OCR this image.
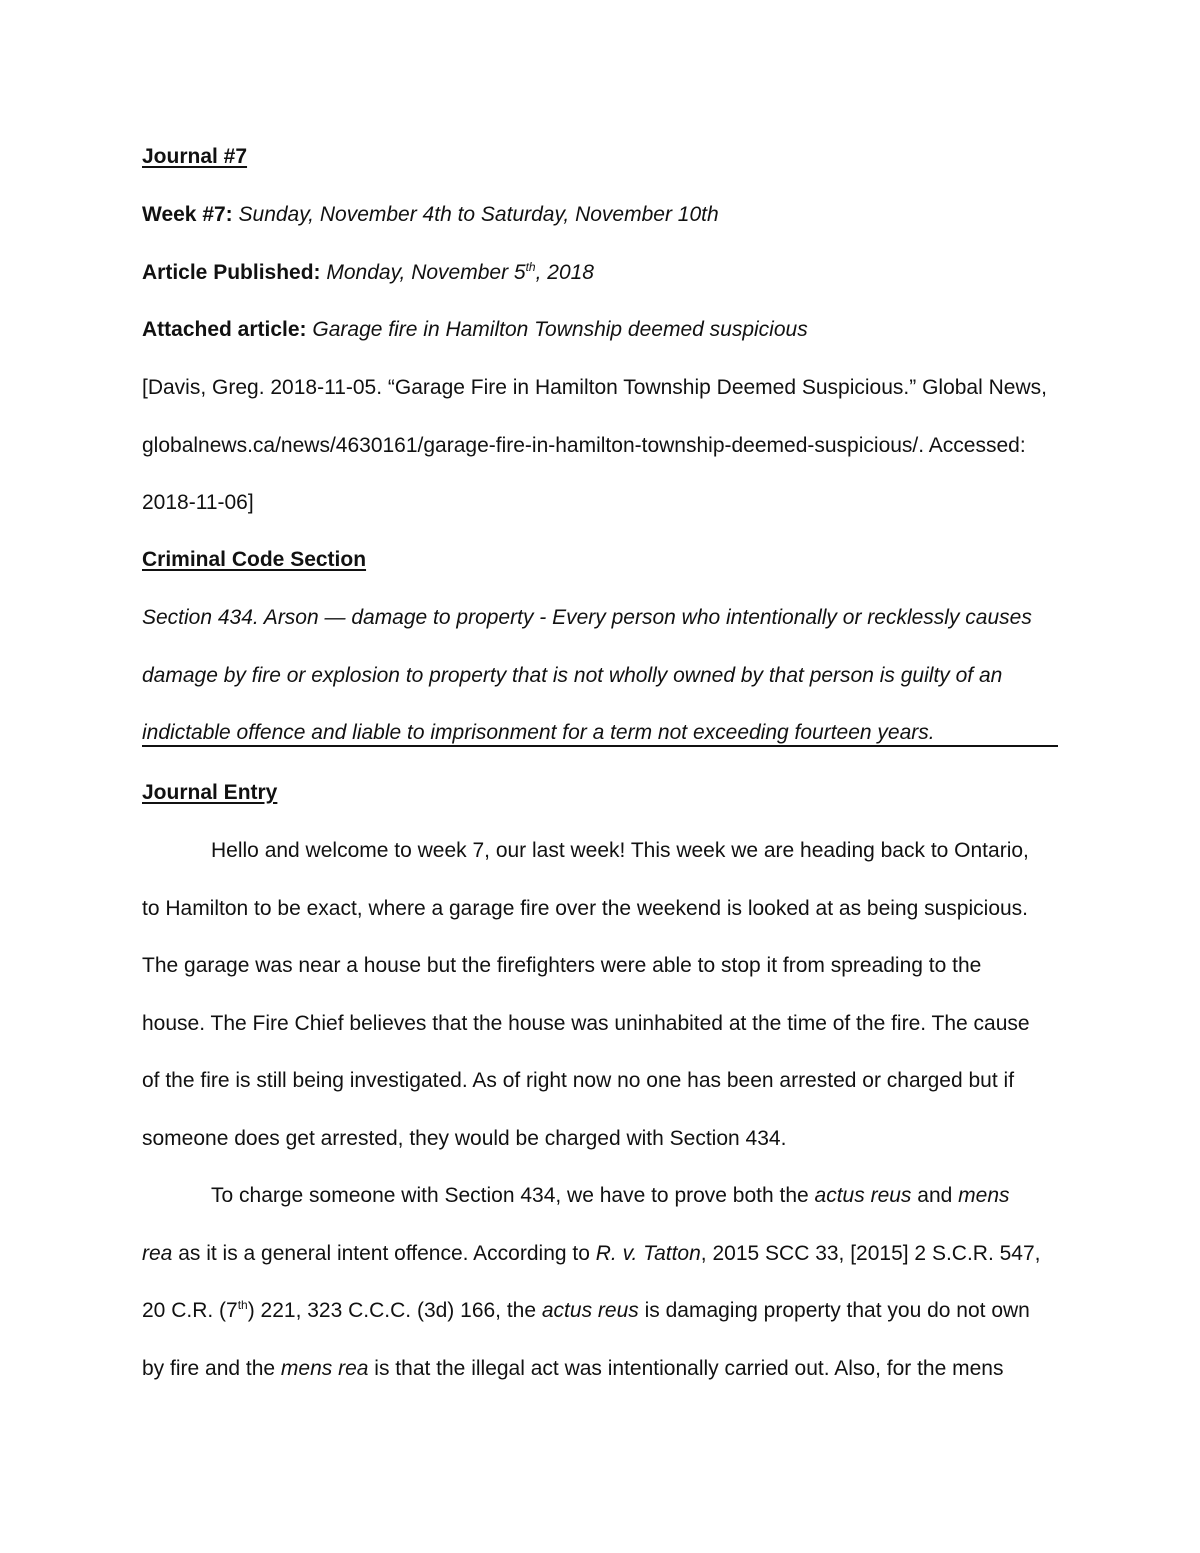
Journal #7
Week #7: Sunday, November 4th to Saturday, November 10th
Article Published: Monday, November 5th, 2018
Attached article: Garage fire in Hamilton Township deemed suspicious
[Davis, Greg. 2018-11-05. “Garage Fire in Hamilton Township Deemed Suspicious.” Global News,
globalnews.ca/news/4630161/garage-fire-in-hamilton-township-deemed-suspicious/. Accessed:
2018-11-06]
Criminal Code Section
Section 434. Arson — damage to property - Every person who intentionally or recklessly causes
damage by fire or explosion to property that is not wholly owned by that person is guilty of an
indictable offence and liable to imprisonment for a term not exceeding fourteen years.
Journal Entry
Hello and welcome to week 7, our last week! This week we are heading back to Ontario,
to Hamilton to be exact, where a garage fire over the weekend is looked at as being suspicious.
The garage was near a house but the firefighters were able to stop it from spreading to the
house. The Fire Chief believes that the house was uninhabited at the time of the fire. The cause
of the fire is still being investigated. As of right now no one has been arrested or charged but if
someone does get arrested, they would be charged with Section 434.
To charge someone with Section 434, we have to prove both the actus reus and mens
rea as it is a general intent offence. According to R. v. Tatton, 2015 SCC 33, [2015] 2 S.C.R. 547,
20 C.R. (7th) 221, 323 C.C.C. (3d) 166, the actus reus is damaging property that you do not own
by fire and the mens rea is that the illegal act was intentionally carried out. Also, for the mens
